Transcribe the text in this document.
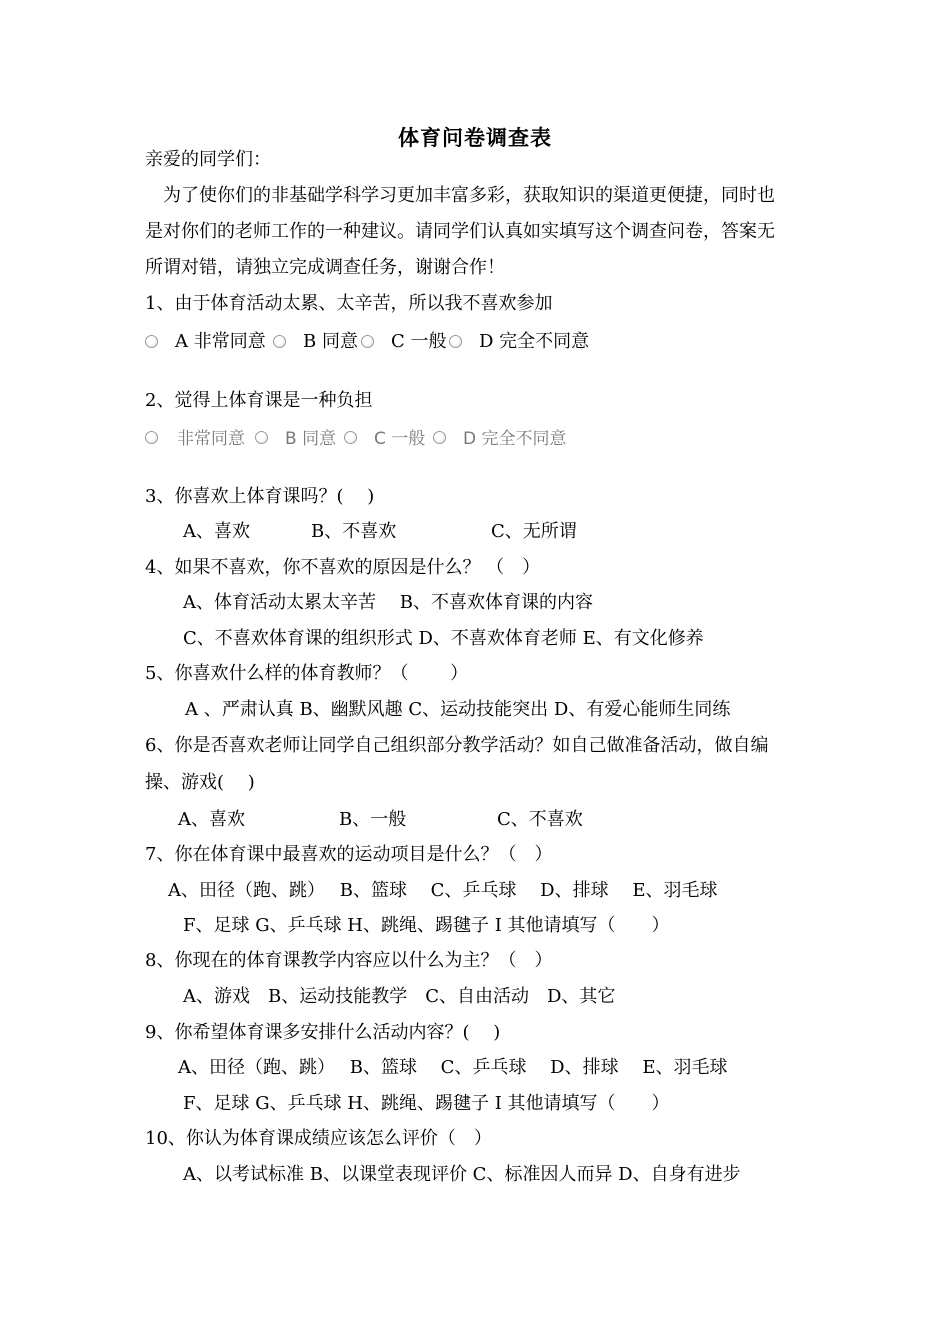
体育问卷调查表
亲爱的同学们：
为了使你们的非基础学科学习更加丰富多彩，获取知识的渠道更便捷，同时也
是对你们的老师工作的一种建议。请同学们认真如实填写这个调查问卷，答案无
所谓对错，请独立完成调查任务，谢谢合作！
1、由于体育活动太累、太辛苦，所以我不喜欢参加
A 非常同意 B 同意 C 一般 D 完全不同意
2、觉得上体育课是一种负担
非常同意 B 同意 C 一般 D 完全不同意
3、你喜欢上体育课吗？(　 )
A、喜欢	B、不喜欢	C、无所谓
4、如果不喜欢，你不喜欢的原因是什么？ （　）
A、体育活动太累太辛苦　 B、不喜欢体育课的内容
C、不喜欢体育课的组织形式 D、不喜欢体育老师 E、有文化修养
5、你喜欢什么样的体育教师？（　　 ）
A 、严肃认真 B、幽默风趣 C、运动技能突出 D、有爱心能师生同练
6、你是否喜欢老师让同学自己组织部分教学活动？如自己做准备活动，做自编
操、游戏(　 )
A、喜欢	B、一般	C、不喜欢
7、你在体育课中最喜欢的运动项目是什么？（　）
A、田径（跑、跳）　 B、篮球　 C、乒乓球　 D、排球　 E、羽毛球
F、足球 G、乒乓球 H、跳绳、踢毽子 I 其他请填写（　　）
8、你现在的体育课教学内容应以什么为主？（　）
A、游戏　B、运动技能教学　C、自由活动　D、其它
9、你希望体育课多安排什么活动内容？(　 )
A、田径（跑、跳）　 B、篮球　 C、乒乓球　 D、排球　 E、羽毛球
F、足球 G、乒乓球 H、跳绳、踢毽子 I 其他请填写（　　）
10、你认为体育课成绩应该怎么评价（　）
A、以考试标准 B、以课堂表现评价 C、标准因人而异 D、自身有进步
